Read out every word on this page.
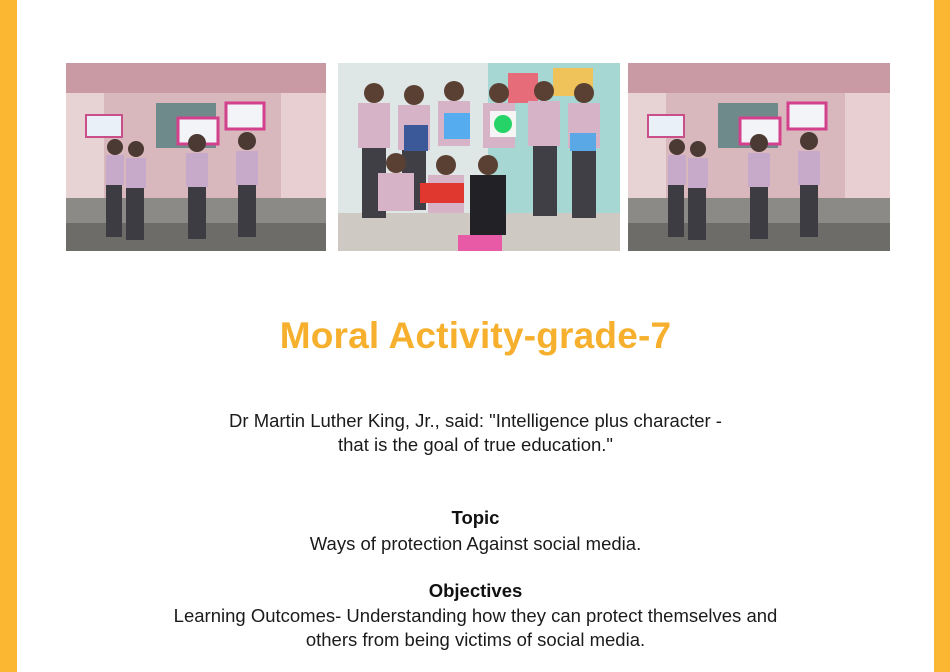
Moral Activity-grade-7
Dr Martin Luther King, Jr., said: "Intelligence plus character -
that is the goal of true education."
Topic
Ways of protection Against social media.
Objectives
Learning Outcomes- Understanding how they can protect themselves and
others from being victims of social media.
